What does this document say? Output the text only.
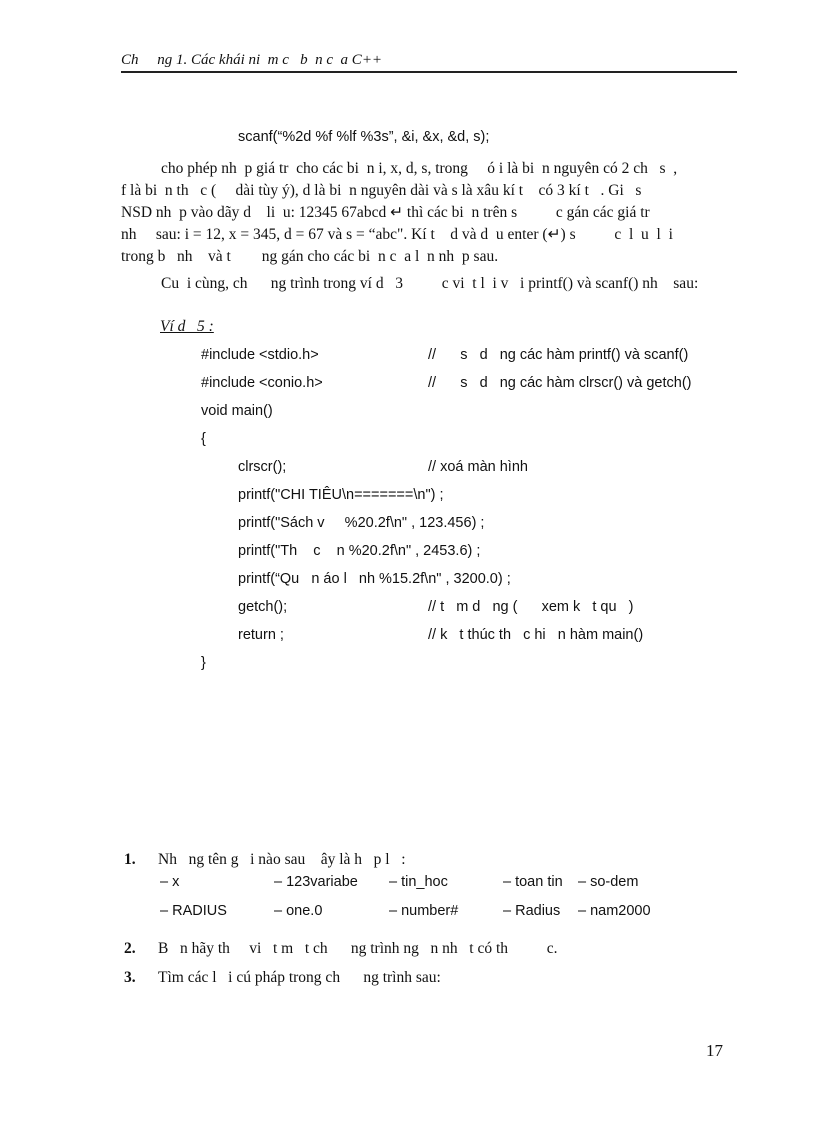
Ch     ng 1. Các khái ni  m c   b  n c  a C++
scanf(“%2d %f %lf %3s”, &i, &x, &d, s);
cho phép nh  p giá tr  cho các bi  n i, x, d, s, trong     ó i là bi  n nguyên có 2 ch   s  ,
f là bi  n th   c (     dài tùy ý), d là bi  n nguyên dài và s là xâu kí t    có 3 kí t   . Gi   s
NSD nh  p vào dãy d    li  u: 12345 67abcd ↵ thì các bi  n trên s          c gán các giá tr
nh     sau: i = 12, x = 345, d = 67 và s = “abc". Kí t    d và d  u enter (↵) s          c  l  u  l  i
trong b   nh    và t        ng gán cho các bi  n c  a l  n nh  p sau.
Cu  i cùng, ch      ng trình trong ví d   3          c vi  t l  i v   i printf() và scanf() nh    sau:
Ví d   5 :
#include <stdio.h>	//      s   d   ng các hàm printf() và scanf()
#include <conio.h>	//      s   d   ng các hàm clrscr() và getch()
void main()
{
clrscr();	// xoá màn hình
printf("CHI TIÊU\n=======\n") ;
printf("Sách v     %20.2f\n" , 123.456) ;
printf("Th    c    n %20.2f\n" , 2453.6) ;
printf(“Qu   n áo l   nh %15.2f\n" , 3200.0) ;
getch();	// t   m d   ng (      xem k   t qu   )
return ;	// k   t thúc th   c hi   n hàm main()
}
1. Nh   ng tên g   i nào sau    ây là h   p l   :
– x	– 123variabe – tin_hoc	– toan tin – so-dem
– RADIUS	– one.0	– number#	– Radius – nam2000
2. B   n hãy th     vi   t m   t ch      ng trình ng   n nh   t có th          c.
3. Tìm các l   i cú pháp trong ch      ng trình sau:
17
